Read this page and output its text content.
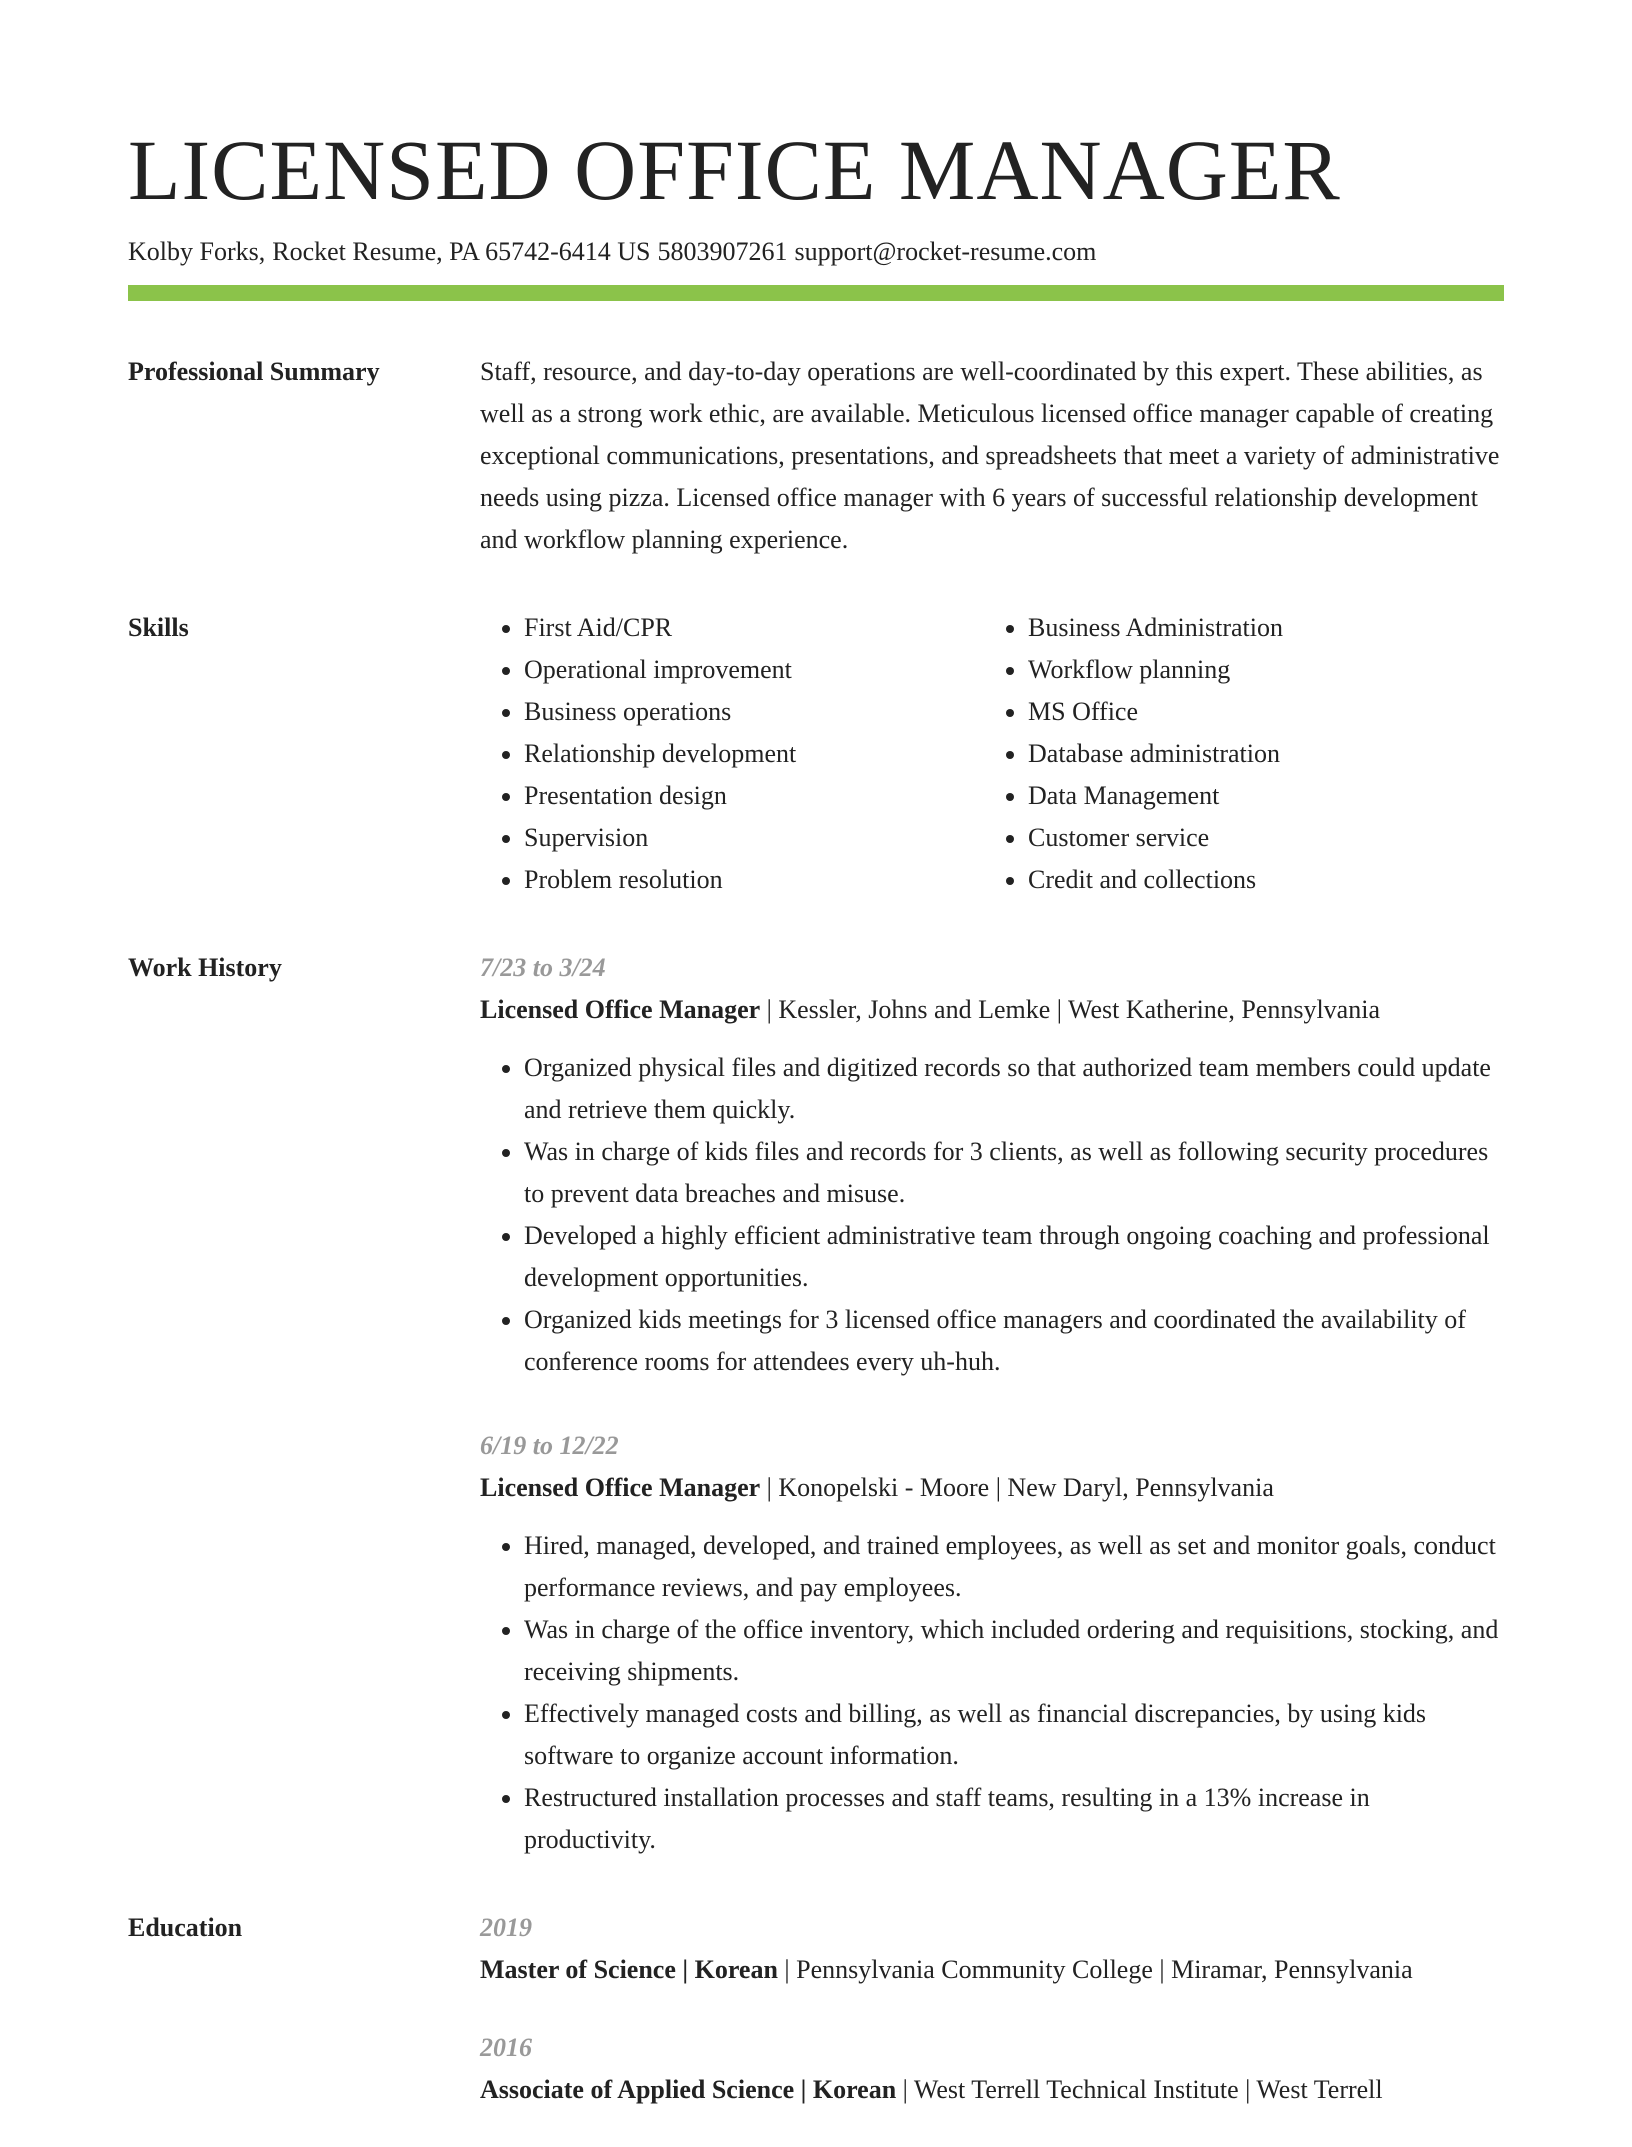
LICENSED OFFICE MANAGER
Kolby Forks, Rocket Resume, PA 65742-6414 US 5803907261 support@rocket-resume.com
Professional Summary	Staff, resource, and day-to-day operations are well-coordinated by this expert. These abilities, as well as a strong work ethic, are available. Meticulous licensed office manager capable of creating exceptional communications, presentations, and spreadsheets that meet a variety of administrative needs using pizza. Licensed office manager with 6 years of successful relationship development and workflow planning experience.

Skills
•	First Aid/CPR
• Operational improvement
• Business operations
• Relationship development
• Presentation design
• Supervision
• Problem resolution
• Business Administration
• Workflow planning
• MS Office
• Database administration
• Data Management
• Customer service
• Credit and collections
Work History	7/23 to 3/24
Licensed Office Manager | Kessler, Johns and Lemke | West Katherine, Pennsylvania
• Organized physical files and digitized records so that authorized team members could update and retrieve them quickly.
• Was in charge of kids files and records for 3 clients, as well as following security procedures to prevent data breaches and misuse.
• Developed a highly efficient administrative team through ongoing coaching and professional development opportunities.
• Organized kids meetings for 3 licensed office managers and coordinated the availability of conference rooms for attendees every uh-huh.
6/19 to 12/22
Licensed Office Manager | Konopelski - Moore | New Daryl, Pennsylvania
• Hired, managed, developed, and trained employees, as well as set and monitor goals, conduct performance reviews, and pay employees.
• Was in charge of the office inventory, which included ordering and requisitions, stocking, and receiving shipments.
• Effectively managed costs and billing, as well as financial discrepancies, by using kids software to organize account information.
• Restructured installation processes and staff teams, resulting in a 13% increase in productivity.
Education	2019
Master of Science | Korean | Pennsylvania Community College | Miramar, Pennsylvania
2016
Associate of Applied Science | Korean | West Terrell Technical Institute | West Terrell
